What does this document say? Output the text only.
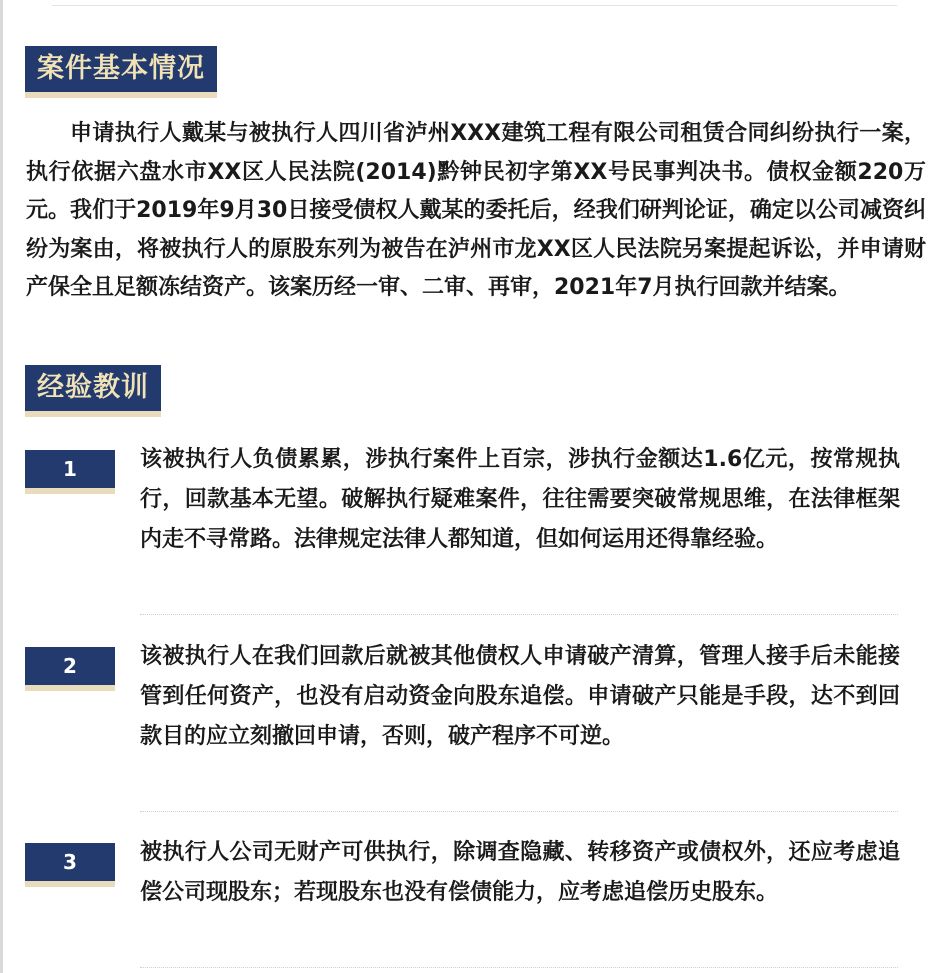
案件基本情况

申请执行人戴某与被执行人四川省泸州XXX建筑工程有限公司租赁合同纠纷执行一案，执行依据六盘水市XX区人民法院(2014)黔钟民初字第XX号民事判决书。债权金额220万元。我们于2019年9月30日接受债权人戴某的委托后，经我们研判论证，确定以公司减资纠纷为案由，将被执行人的原股东列为被告在泸州市龙XX区人民法院另案提起诉讼，并申请财产保全且足额冻结资产。该案历经一审、二审、再审，2021年7月执行回款并结案。

经验教训
1	该被执行人负债累累，涉执行案件上百宗，涉执行金额达1.6亿元，按常规执行，回款基本无望。破解执行疑难案件，往往需要突破常规思维，在法律框架内走不寻常路。法律规定法律人都知道，但如何运用还得靠经验。

2	该被执行人在我们回款后就被其他债权人申请破产清算，管理人接手后未能接管到任何资产，也没有启动资金向股东追偿。申请破产只能是手段，达不到回款目的应立刻撤回申请，否则，破产程序不可逆。

3	被执行人公司无财产可供执行，除调查隐藏、转移资产或债权外，还应考虑追偿公司现股东；若现股东也没有偿债能力，应考虑追偿历史股东。
